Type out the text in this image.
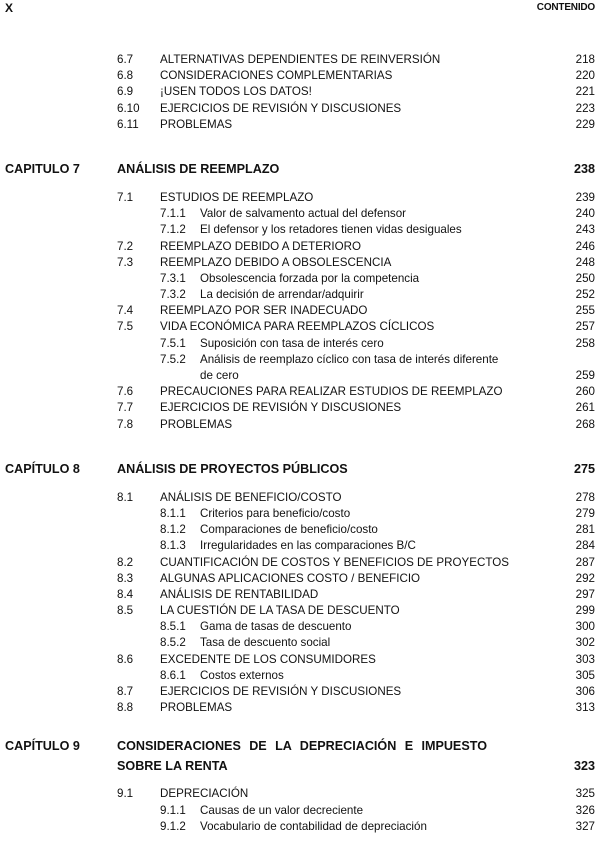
X	CONTENIDO
6.7 ALTERNATIVAS DEPENDIENTES DE REINVERSIÓN	218
6.8 CONSIDERACIONES COMPLEMENTARIAS	220
6.9 ¡USEN TODOS LOS DATOS!	221
6.10 EJERCICIOS DE REVISIÓN Y DISCUSIONES	223
6.11 PROBLEMAS	229
CAPITULO 7	ANÁLISIS DE REEMPLAZO	238
7.1 ESTUDIOS DE REEMPLAZO	239
7.1.1 Valor de salvamento actual del defensor	240
7.1.2 El defensor y los retadores tienen vidas desiguales	243
7.2 REEMPLAZO DEBIDO A DETERIORO	246
7.3 REEMPLAZO DEBIDO A OBSOLESCENCIA	248
7.3.1 Obsolescencia forzada por la competencia	250
7.3.2 La decisión de arrendar/adquirir	252
7.4 REEMPLAZO POR SER INADECUADO	255
7.5 VIDA ECONÓMICA PARA REEMPLAZOS CÍCLICOS	257
7.5.1 Suposición con tasa de interés cero	258
7.5.2 Análisis de reemplazo cíclico con tasa de interés diferente
de cero	259
7.6 PRECAUCIONES PARA REALIZAR ESTUDIOS DE REEMPLAZO	260
7.7 EJERCICIOS DE REVISIÓN Y DISCUSIONES	261
7.8 PROBLEMAS	268
CAPÍTULO 8	ANÁLISIS DE PROYECTOS PÚBLICOS	275
8.1 ANÁLISIS DE BENEFICIO/COSTO	278
8.1.1 Criterios para beneficio/costo	279
8.1.2 Comparaciones de beneficio/costo	281
8.1.3 Irregularidades en las comparaciones B/C	284
8.2 CUANTIFICACIÓN DE COSTOS Y BENEFICIOS DE PROYECTOS	287
8.3 ALGUNAS APLICACIONES COSTO / BENEFICIO	292
8.4 ANÁLISIS DE RENTABILIDAD	297
8.5 LA CUESTIÓN DE LA TASA DE DESCUENTO	299
8.5.1 Gama de tasas de descuento	300
8.5.2 Tasa de descuento social	302
8.6 EXCEDENTE DE LOS CONSUMIDORES	303
8.6.1 Costos externos	305
8.7 EJERCICIOS DE REVISIÓN Y DISCUSIONES	306
8.8 PROBLEMAS	313
CAPÍTULO 9	CONSIDERACIONES DE LA DEPRECIACIÓN E IMPUESTO
SOBRE LA RENTA	323
9.1 DEPRECIACIÓN	325
9.1.1 Causas de un valor decreciente	326
9.1.2 Vocabulario de contabilidad de depreciación	327
